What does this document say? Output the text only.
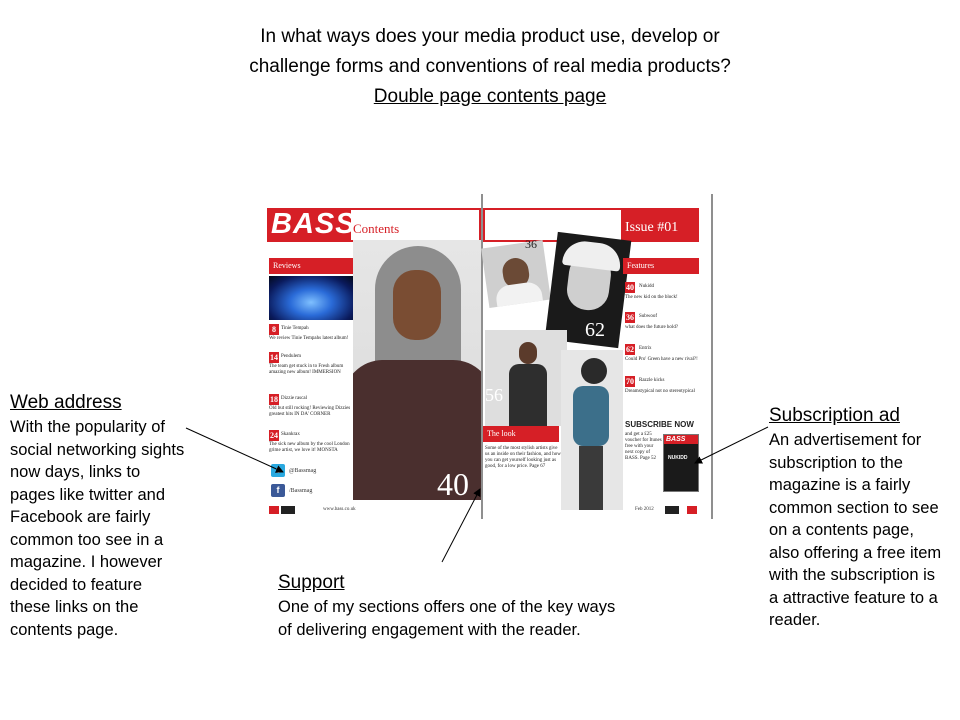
In what ways does your media product use, develop or
challenge forms and conventions of real media products?
Double page contents page
Web address
With the popularity of social networking sights now days, links to pages like twitter and Facebook are fairly common too see in a magazine. I however decided to feature these links on the contents page.
Support
One of my sections offers one of the key ways of delivering engagement with the reader.
Subscription ad
An advertisement for subscription to the magazine is a fairly common section to see on a contents page, also offering a free item with the subscription is a attractive feature to a reader.
BASS
Contents	Issue #01
Reviews
8	Tinie Tempah
We review Tinie Tempahs latest album!
14 Pendulem
The team get stuck in to Fresh album amazing new album! IMMERSION
18 Dizzie rascal
Old but still rocking! Reviewing Dizzies greatest hits IN DA' CORNER
24 Skankrax
The sick new album by the cool London grime artist, we love it! MONSTA
@Bassmag
f	/Bassmag	40
36
62
56
The look
Some of the most stylish artists give us an inside on their fashion, and how you can get yourself looking just as good, for a low price. Page 67
Features
40 Nukidd
The new kid on the block!
36 Subwoof
what does the future hold?
62 Entrix
Could Pro' Green have a new rival?!
70 Razzle kicks
Dreamstypical not no stereotypical
SUBSCRIBE NOW
and get a £25 voucher for Itunes free with your next copy of BASS. Page 52
BASS
NUKIDD
www.bass.co.uk	Feb 2012
